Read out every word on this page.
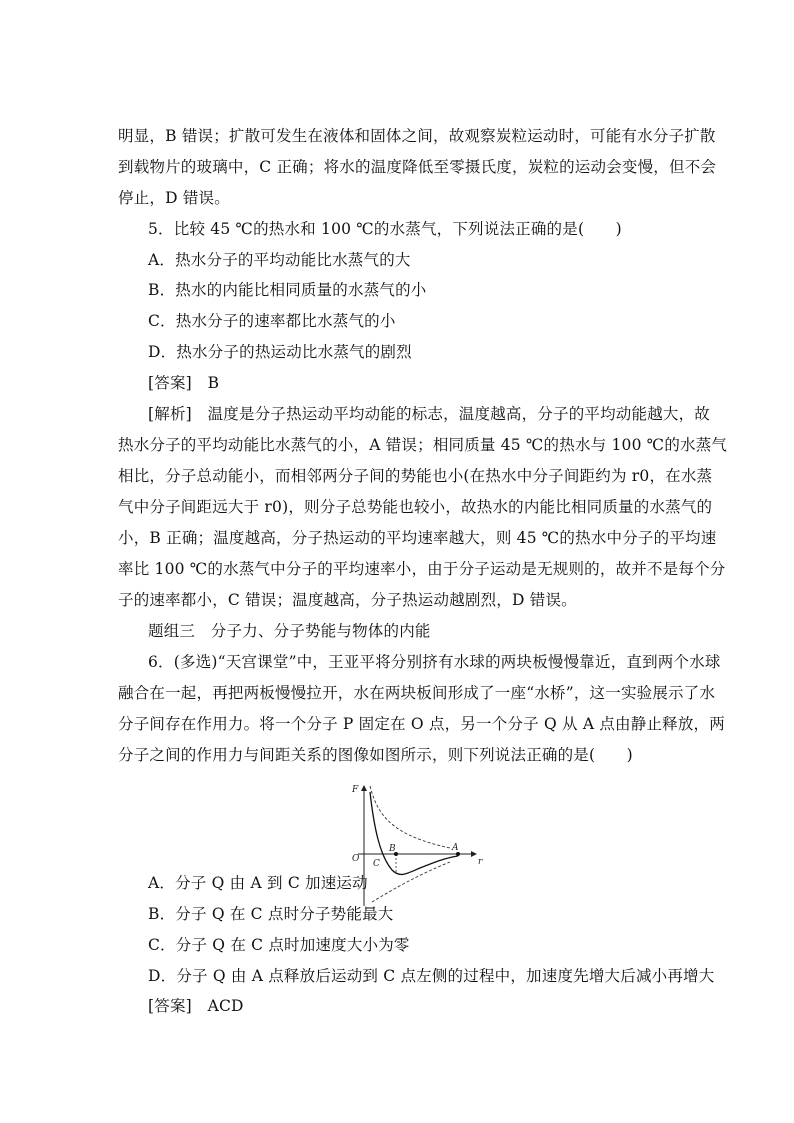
明显，B 错误；扩散可发生在液体和固体之间，故观察炭粒运动时，可能有水分子扩散

到载物片的玻璃中，C 正确；将水的温度降低至零摄氏度，炭粒的运动会变慢，但不会

停止，D 错误。

5．比较 45 ℃的热水和 100 ℃的水蒸气，下列说法正确的是(　　)

A．热水分子的平均动能比水蒸气的大

B．热水的内能比相同质量的水蒸气的小

C．热水分子的速率都比水蒸气的小

D．热水分子的热运动比水蒸气的剧烈

[答案]　B

[解析]　温度是分子热运动平均动能的标志，温度越高，分子的平均动能越大，故

热水分子的平均动能比水蒸气的小，A 错误；相同质量 45 ℃的热水与 100 ℃的水蒸气

相比，分子总动能小，而相邻两分子间的势能也小(在热水中分子间距约为 r0，在水蒸

气中分子间距远大于 r0)，则分子总势能也较小，故热水的内能比相同质量的水蒸气的

小，B 正确；温度越高，分子热运动的平均速率越大，则 45 ℃的热水中分子的平均速

率比 100 ℃的水蒸气中分子的平均速率小，由于分子运动是无规则的，故并不是每个分

子的速率都小，C 错误；温度越高，分子热运动越剧烈，D 错误。

题组三　分子力、分子势能与物体的内能

6．(多选)“天宫课堂”中，王亚平将分别挤有水球的两块板慢慢靠近，直到两个水球

融合在一起，再把两板慢慢拉开，水在两块板间形成了一座“水桥”，这一实验展示了水

分子间存在作用力。将一个分子 P 固定在 O 点，另一个分子 Q 从 A 点由静止释放，两

分子之间的作用力与间距关系的图像如图所示，则下列说法正确的是(　　)

F
r
O
A
B
C

A．分子 Q 由 A 到 C 加速运动

B．分子 Q 在 C 点时分子势能最大

C．分子 Q 在 C 点时加速度大小为零

D．分子 Q 由 A 点释放后运动到 C 点左侧的过程中，加速度先增大后减小再增大

[答案]　ACD
